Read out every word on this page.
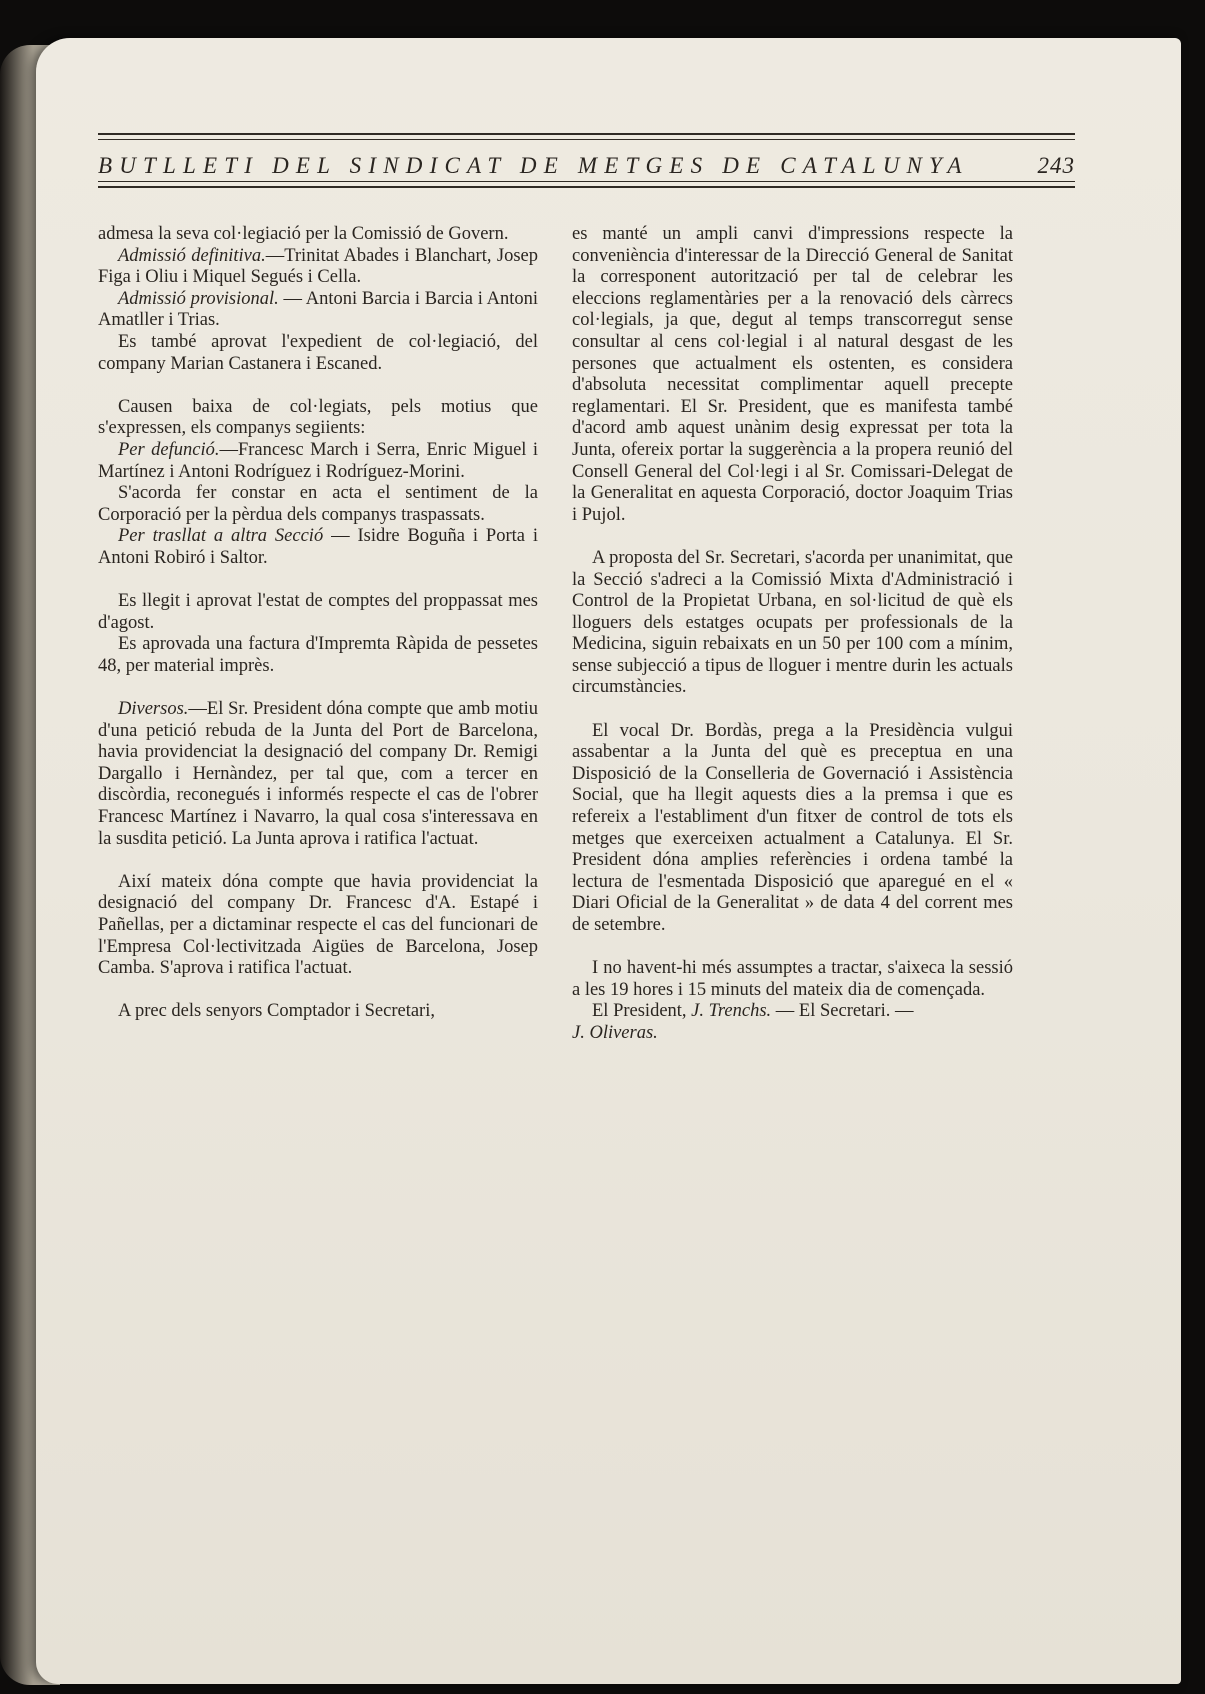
BUTLLETI DEL SINDICAT DE METGES DE CATALUNYA	243

admesa la seva col·legiació per la Comissió de Govern.

Admissió definitiva.—Trinitat Abades i Blanchart, Josep Figa i Oliu i Miquel Segués i Cella.

Admissió provisional. — Antoni Barcia i Barcia i Antoni Amatller i Trias.

Es també aprovat l'expedient de col·legiació, del company Marian Castanera i Escaned.

Causen baixa de col·legiats, pels motius que s'expressen, els companys segiients:

Per defunció.—Francesc March i Serra, Enric Miguel i Martínez i Antoni Rodríguez i Rodríguez-Morini.

S'acorda fer constar en acta el sentiment de la Corporació per la pèrdua dels companys traspassats.

Per trasllat a altra Secció — Isidre Boguña i Porta i Antoni Robiró i Saltor.

Es llegit i aprovat l'estat de comptes del proppassat mes d'agost.

Es aprovada una factura d'Impremta Ràpida de pessetes 48, per material imprès.

Diversos.—El Sr. President dóna compte que amb motiu d'una petició rebuda de la Junta del Port de Barcelona, havia providenciat la designació del company Dr. Remigi Dargallo i Hernàndez, per tal que, com a tercer en discòrdia, reconegués i informés respecte el cas de l'obrer Francesc Martínez i Navarro, la qual cosa s'interessava en la susdita petició. La Junta aprova i ratifica l'actuat.

Així mateix dóna compte que havia providenciat la designació del company Dr. Francesc d'A. Estapé i Pañellas, per a dictaminar respecte el cas del funcionari de l'Empresa Col·lectivitzada Aigües de Barcelona, Josep Camba. S'aprova i ratifica l'actuat.

A prec dels senyors Comptador i Secretari,

es manté un ampli canvi d'impressions respecte la conveniència d'interessar de la Direcció General de Sanitat la corresponent autorització per tal de celebrar les eleccions reglamentàries per a la renovació dels càrrecs col·legials, ja que, degut al temps transcorregut sense consultar al cens col·legial i al natural desgast de les persones que actualment els ostenten, es considera d'absoluta necessitat complimentar aquell precepte reglamentari. El Sr. President, que es manifesta també d'acord amb aquest unànim desig expressat per tota la Junta, ofereix portar la suggerència a la propera reunió del Consell General del Col·legi i al Sr. Comissari-Delegat de la Generalitat en aquesta Corporació, doctor Joaquim Trias i Pujol.

A proposta del Sr. Secretari, s'acorda per unanimitat, que la Secció s'adreci a la Comissió Mixta d'Administració i Control de la Propietat Urbana, en sol·licitud de què els lloguers dels estatges ocupats per professionals de la Medicina, siguin rebaixats en un 50 per 100 com a mínim, sense subjecció a tipus de lloguer i mentre durin les actuals circumstàncies.

El vocal Dr. Bordàs, prega a la Presidència vulgui assabentar a la Junta del què es preceptua en una Disposició de la Conselleria de Governació i Assistència Social, que ha llegit aquests dies a la premsa i que es refereix a l'establiment d'un fitxer de control de tots els metges que exerceixen actualment a Catalunya. El Sr. President dóna amplies referències i ordena també la lectura de l'esmentada Disposició que aparegué en el « Diari Oficial de la Generalitat » de data 4 del corrent mes de setembre.

I no havent-hi més assumptes a tractar, s'aixeca la sessió a les 19 hores i 15 minuts del mateix dia de començada.

El President, J. Trenchs. — El Secretari. —

J. Oliveras.
